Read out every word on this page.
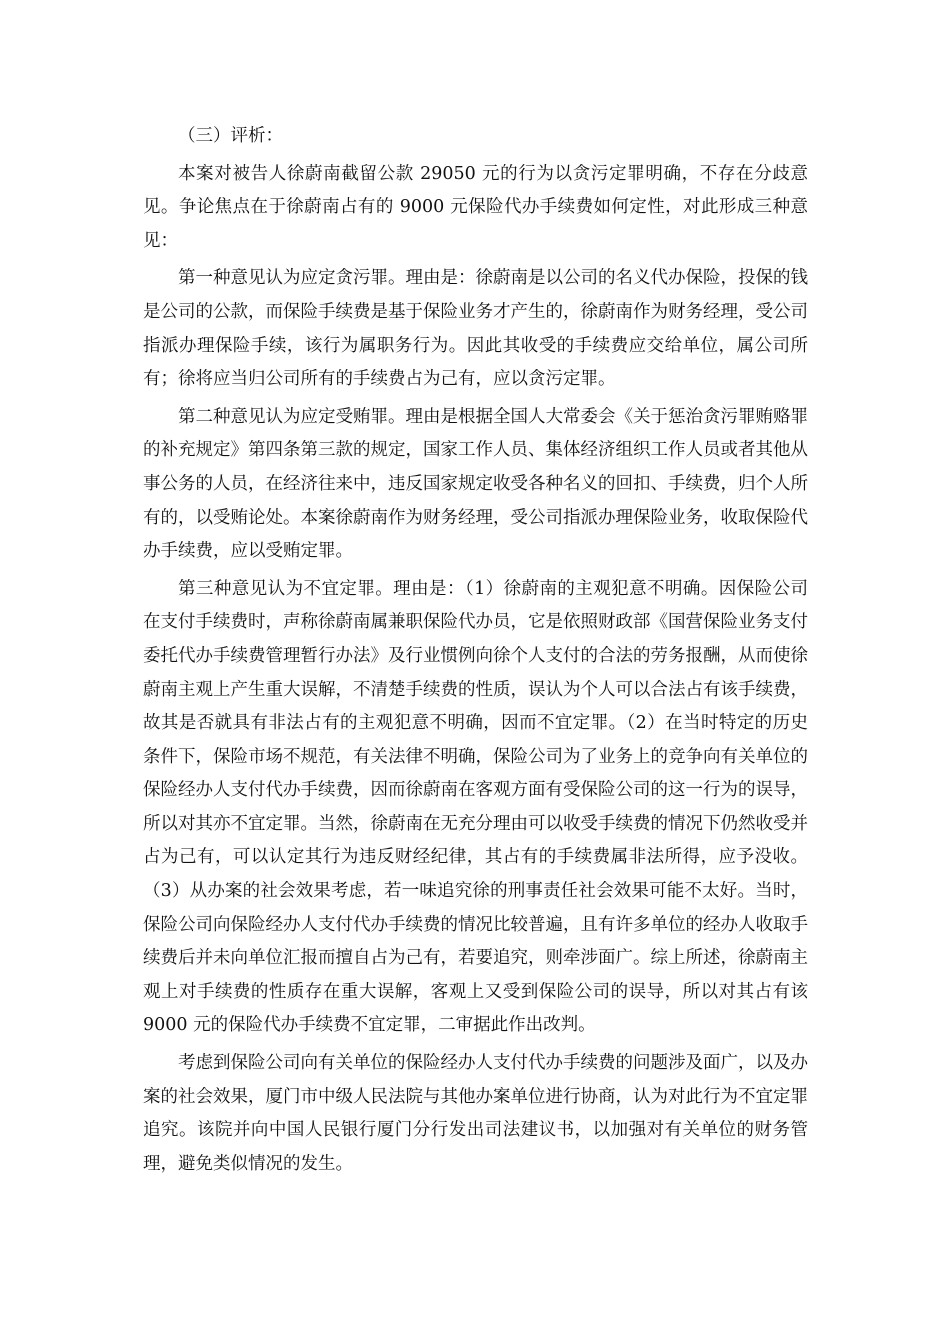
（三）评析：

本案对被告人徐蔚南截留公款 29050 元的行为以贪污定罪明确，不存在分歧意见。争论焦点在于徐蔚南占有的 9000 元保险代办手续费如何定性，对此形成三种意见：

第一种意见认为应定贪污罪。理由是：徐蔚南是以公司的名义代办保险，投保的钱是公司的公款，而保险手续费是基于保险业务才产生的，徐蔚南作为财务经理，受公司指派办理保险手续，该行为属职务行为。因此其收受的手续费应交给单位，属公司所有；徐将应当归公司所有的手续费占为己有，应以贪污定罪。

第二种意见认为应定受贿罪。理由是根据全国人大常委会《关于惩治贪污罪贿赂罪的补充规定》第四条第三款的规定，国家工作人员、集体经济组织工作人员或者其他从事公务的人员，在经济往来中，违反国家规定收受各种名义的回扣、手续费，归个人所有的，以受贿论处。本案徐蔚南作为财务经理，受公司指派办理保险业务，收取保险代办手续费，应以受贿定罪。

第三种意见认为不宜定罪。理由是：（1）徐蔚南的主观犯意不明确。因保险公司在支付手续费时，声称徐蔚南属兼职保险代办员，它是依照财政部《国营保险业务支付委托代办手续费管理暂行办法》及行业惯例向徐个人支付的合法的劳务报酬，从而使徐蔚南主观上产生重大误解，不清楚手续费的性质，误认为个人可以合法占有该手续费，故其是否就具有非法占有的主观犯意不明确，因而不宜定罪。（2）在当时特定的历史条件下，保险市场不规范，有关法律不明确，保险公司为了业务上的竞争向有关单位的保险经办人支付代办手续费，因而徐蔚南在客观方面有受保险公司的这一行为的误导，所以对其亦不宜定罪。当然，徐蔚南在无充分理由可以收受手续费的情况下仍然收受并占为己有，可以认定其行为违反财经纪律，其占有的手续费属非法所得，应予没收。（3）从办案的社会效果考虑，若一味追究徐的刑事责任社会效果可能不太好。当时，保险公司向保险经办人支付代办手续费的情况比较普遍，且有许多单位的经办人收取手续费后并未向单位汇报而擅自占为己有，若要追究，则牵涉面广。综上所述，徐蔚南主观上对手续费的性质存在重大误解，客观上又受到保险公司的误导，所以对其占有该 9000 元的保险代办手续费不宜定罪，二审据此作出改判。

考虑到保险公司向有关单位的保险经办人支付代办手续费的问题涉及面广，以及办案的社会效果，厦门市中级人民法院与其他办案单位进行协商，认为对此行为不宜定罪追究。该院并向中国人民银行厦门分行发出司法建议书，以加强对有关单位的财务管理，避免类似情况的发生。
